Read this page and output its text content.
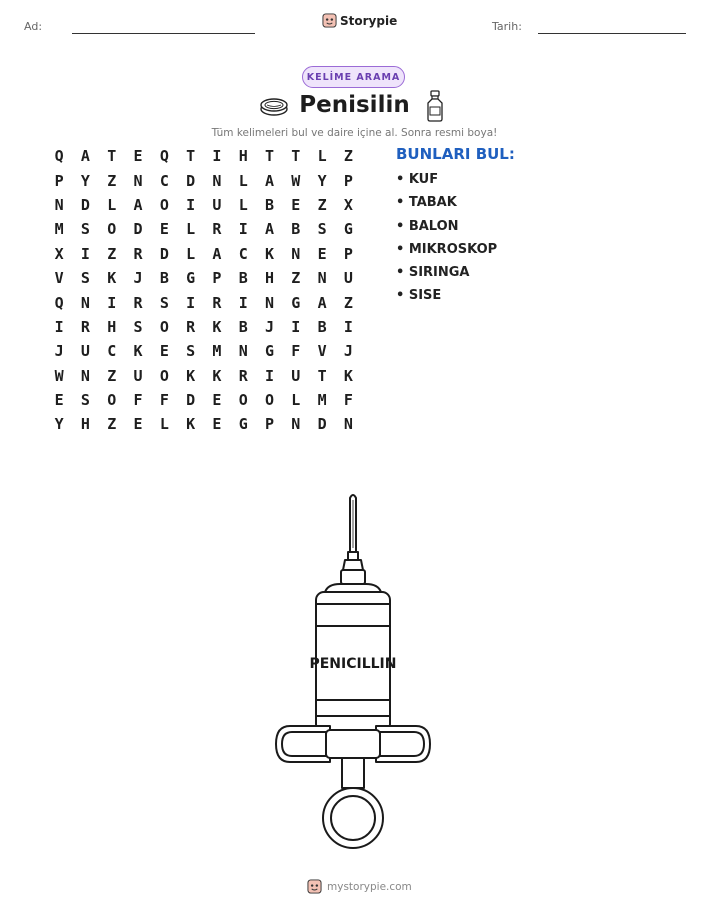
Ad:	Storypie	Tarih:
KELİME ARAMA
Penisilin
Tüm kelimeleri bul ve daire içine al. Sonra resmi boya!
Q	A	T	E	Q	T	I	H	T	T	L	Z
P	Y	Z	N	C	D	N	L	A	W	Y	P
N	D	L	A	O	I	U	L	B	E	Z	X
M	S	O	D	E	L	R	I	A	B	S	G
X	I	Z	R	D	L	A	C	K	N	E	P
V	S	K	J	B	G	P	B	H	Z	N	U
Q	N	I	R	S	I	R	I	N	G	A	Z
I	R	H	S	O	R	K	B	J	I	B	I
J	U	C	K	E	S	M	N	G	F	V	J
W	N	Z	U	O	K	K	R	I	U	T	K
E	S	O	F	F	D	E	O	O	L	M	F
Y	H	Z	E	L	K	E	G	P	N	D	N
BUNLARI BUL:
• KUF
• TABAK
• BALON
• MIKROSKOP
• SIRINGA
• SISE
PENICILLIN
mystorypie.com
